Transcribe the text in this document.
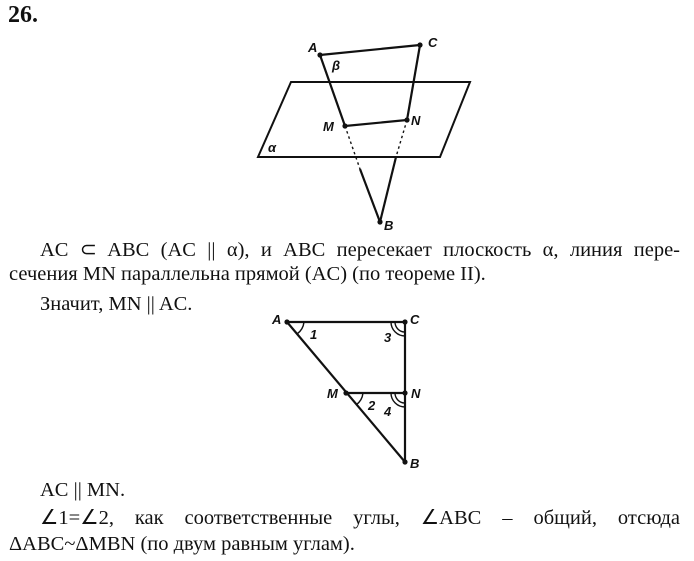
26.
A	C
β
M	N
α
B
AC ⊂ ABC (AC || α), и ABC пересекает плоскость α, линия пере-
сечения MN параллельна прямой (AC) (по теореме II).
Значит, MN || AC.
A	C
M	N
B
1
2
3
4
AC || MN.
∠1=∠2, как соответственные углы, ∠ABC – общий, отсюда
ΔABC~ΔMBN (по двум равным углам).
